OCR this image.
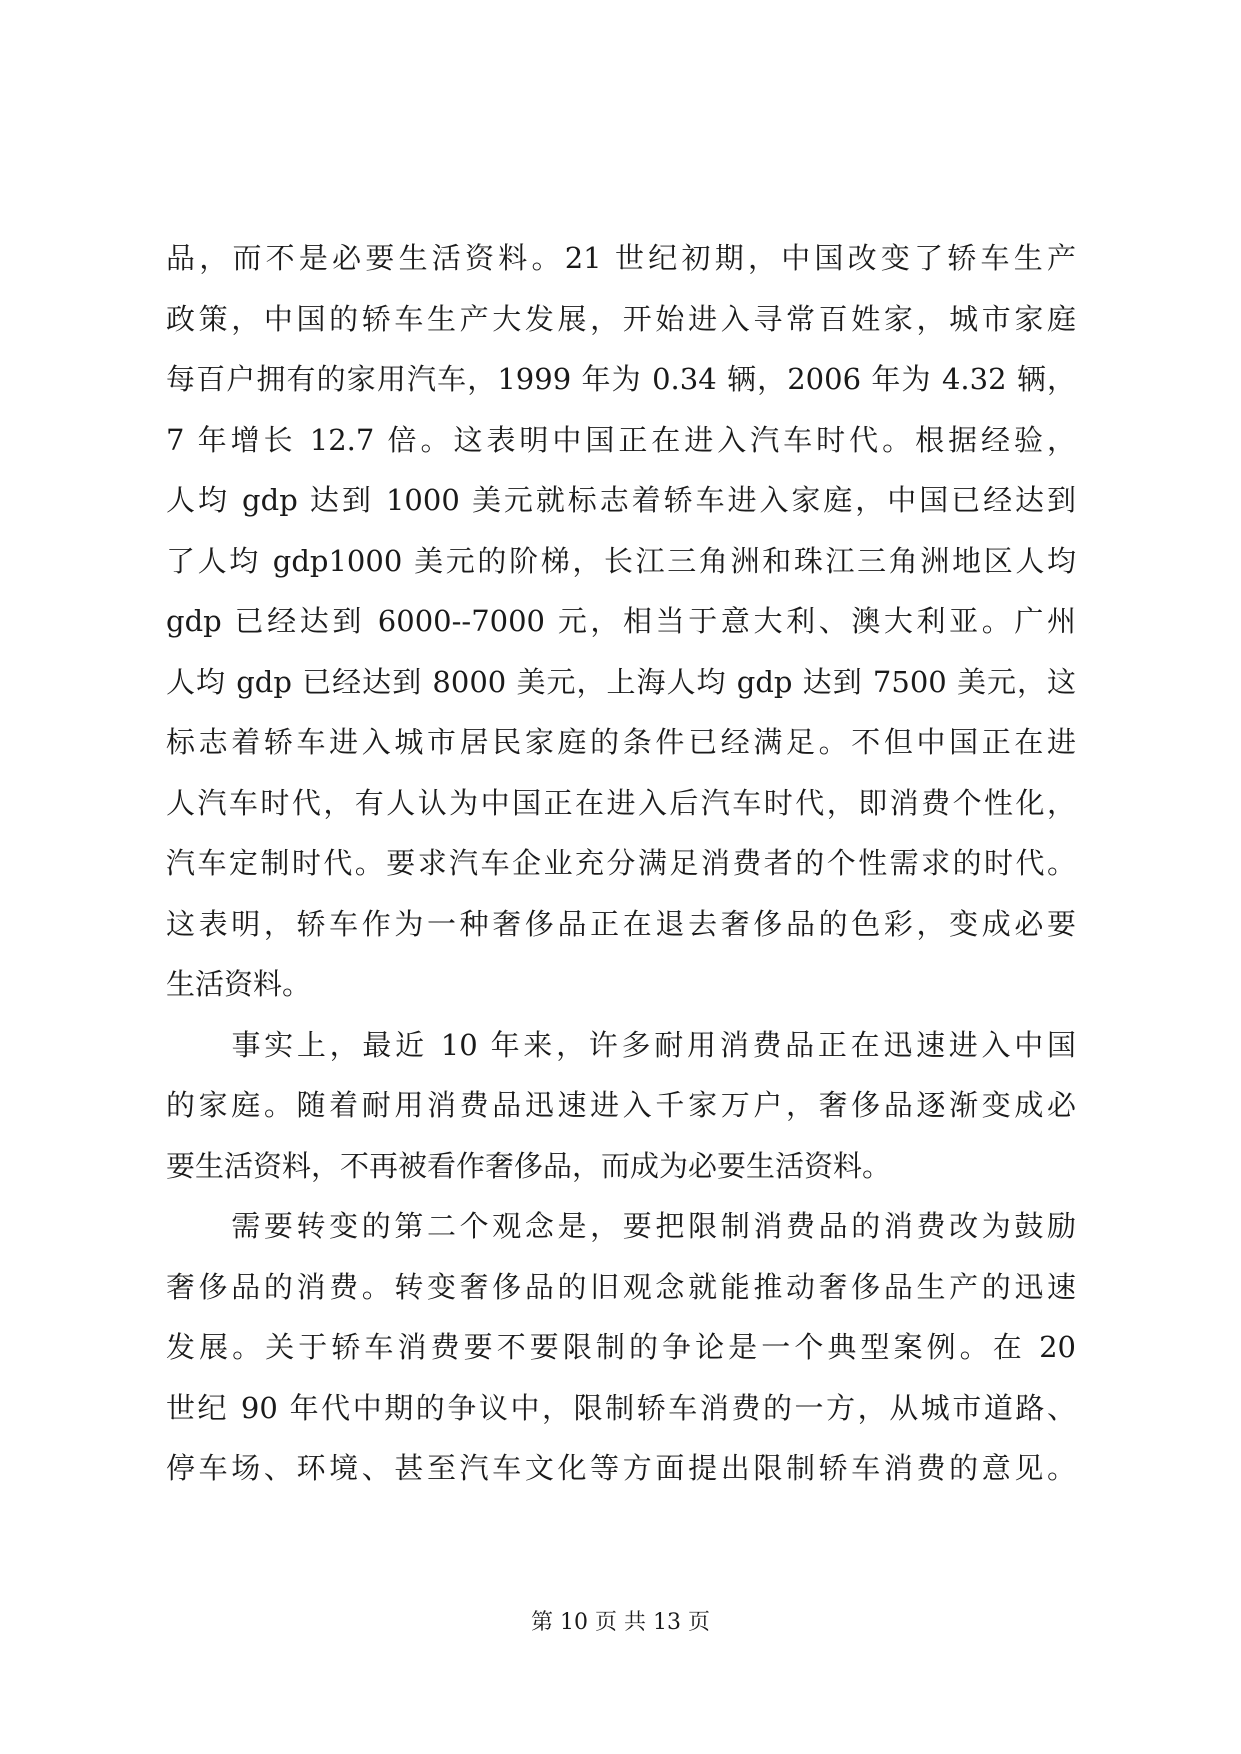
品，而不是必要生活资料。21 世纪初期，中国改变了轿车生产
政策，中国的轿车生产大发展，开始进入寻常百姓家，城市家庭
每百户拥有的家用汽车，1999 年为 0.34 辆，2006 年为 4.32 辆，
7 年增长 12.7 倍。这表明中国正在进入汽车时代。根据经验，
人均 gdp 达到 1000 美元就标志着轿车进入家庭，中国已经达到
了人均 gdp1000 美元的阶梯，长江三角洲和珠江三角洲地区人均
gdp 已经达到 6000--7000 元，相当于意大利、澳大利亚。广州
人均 gdp 已经达到 8000 美元，上海人均 gdp 达到 7500 美元，这
标志着轿车进入城市居民家庭的条件已经满足。不但中国正在进
人汽车时代，有人认为中国正在进入后汽车时代，即消费个性化，
汽车定制时代。要求汽车企业充分满足消费者的个性需求的时代。
这表明，轿车作为一种奢侈品正在退去奢侈品的色彩，变成必要
生活资料。
　　事实上，最近 10 年来，许多耐用消费品正在迅速进入中国
的家庭。随着耐用消费品迅速进入千家万户，奢侈品逐渐变成必
要生活资料，不再被看作奢侈品，而成为必要生活资料。
　　需要转变的第二个观念是，要把限制消费品的消费改为鼓励
奢侈品的消费。转变奢侈品的旧观念就能推动奢侈品生产的迅速
发展。关于轿车消费要不要限制的争论是一个典型案例。在 20
世纪 90 年代中期的争议中，限制轿车消费的一方，从城市道路、
停车场、环境、甚至汽车文化等方面提出限制轿车消费的意见。
第 10 页 共 13 页
